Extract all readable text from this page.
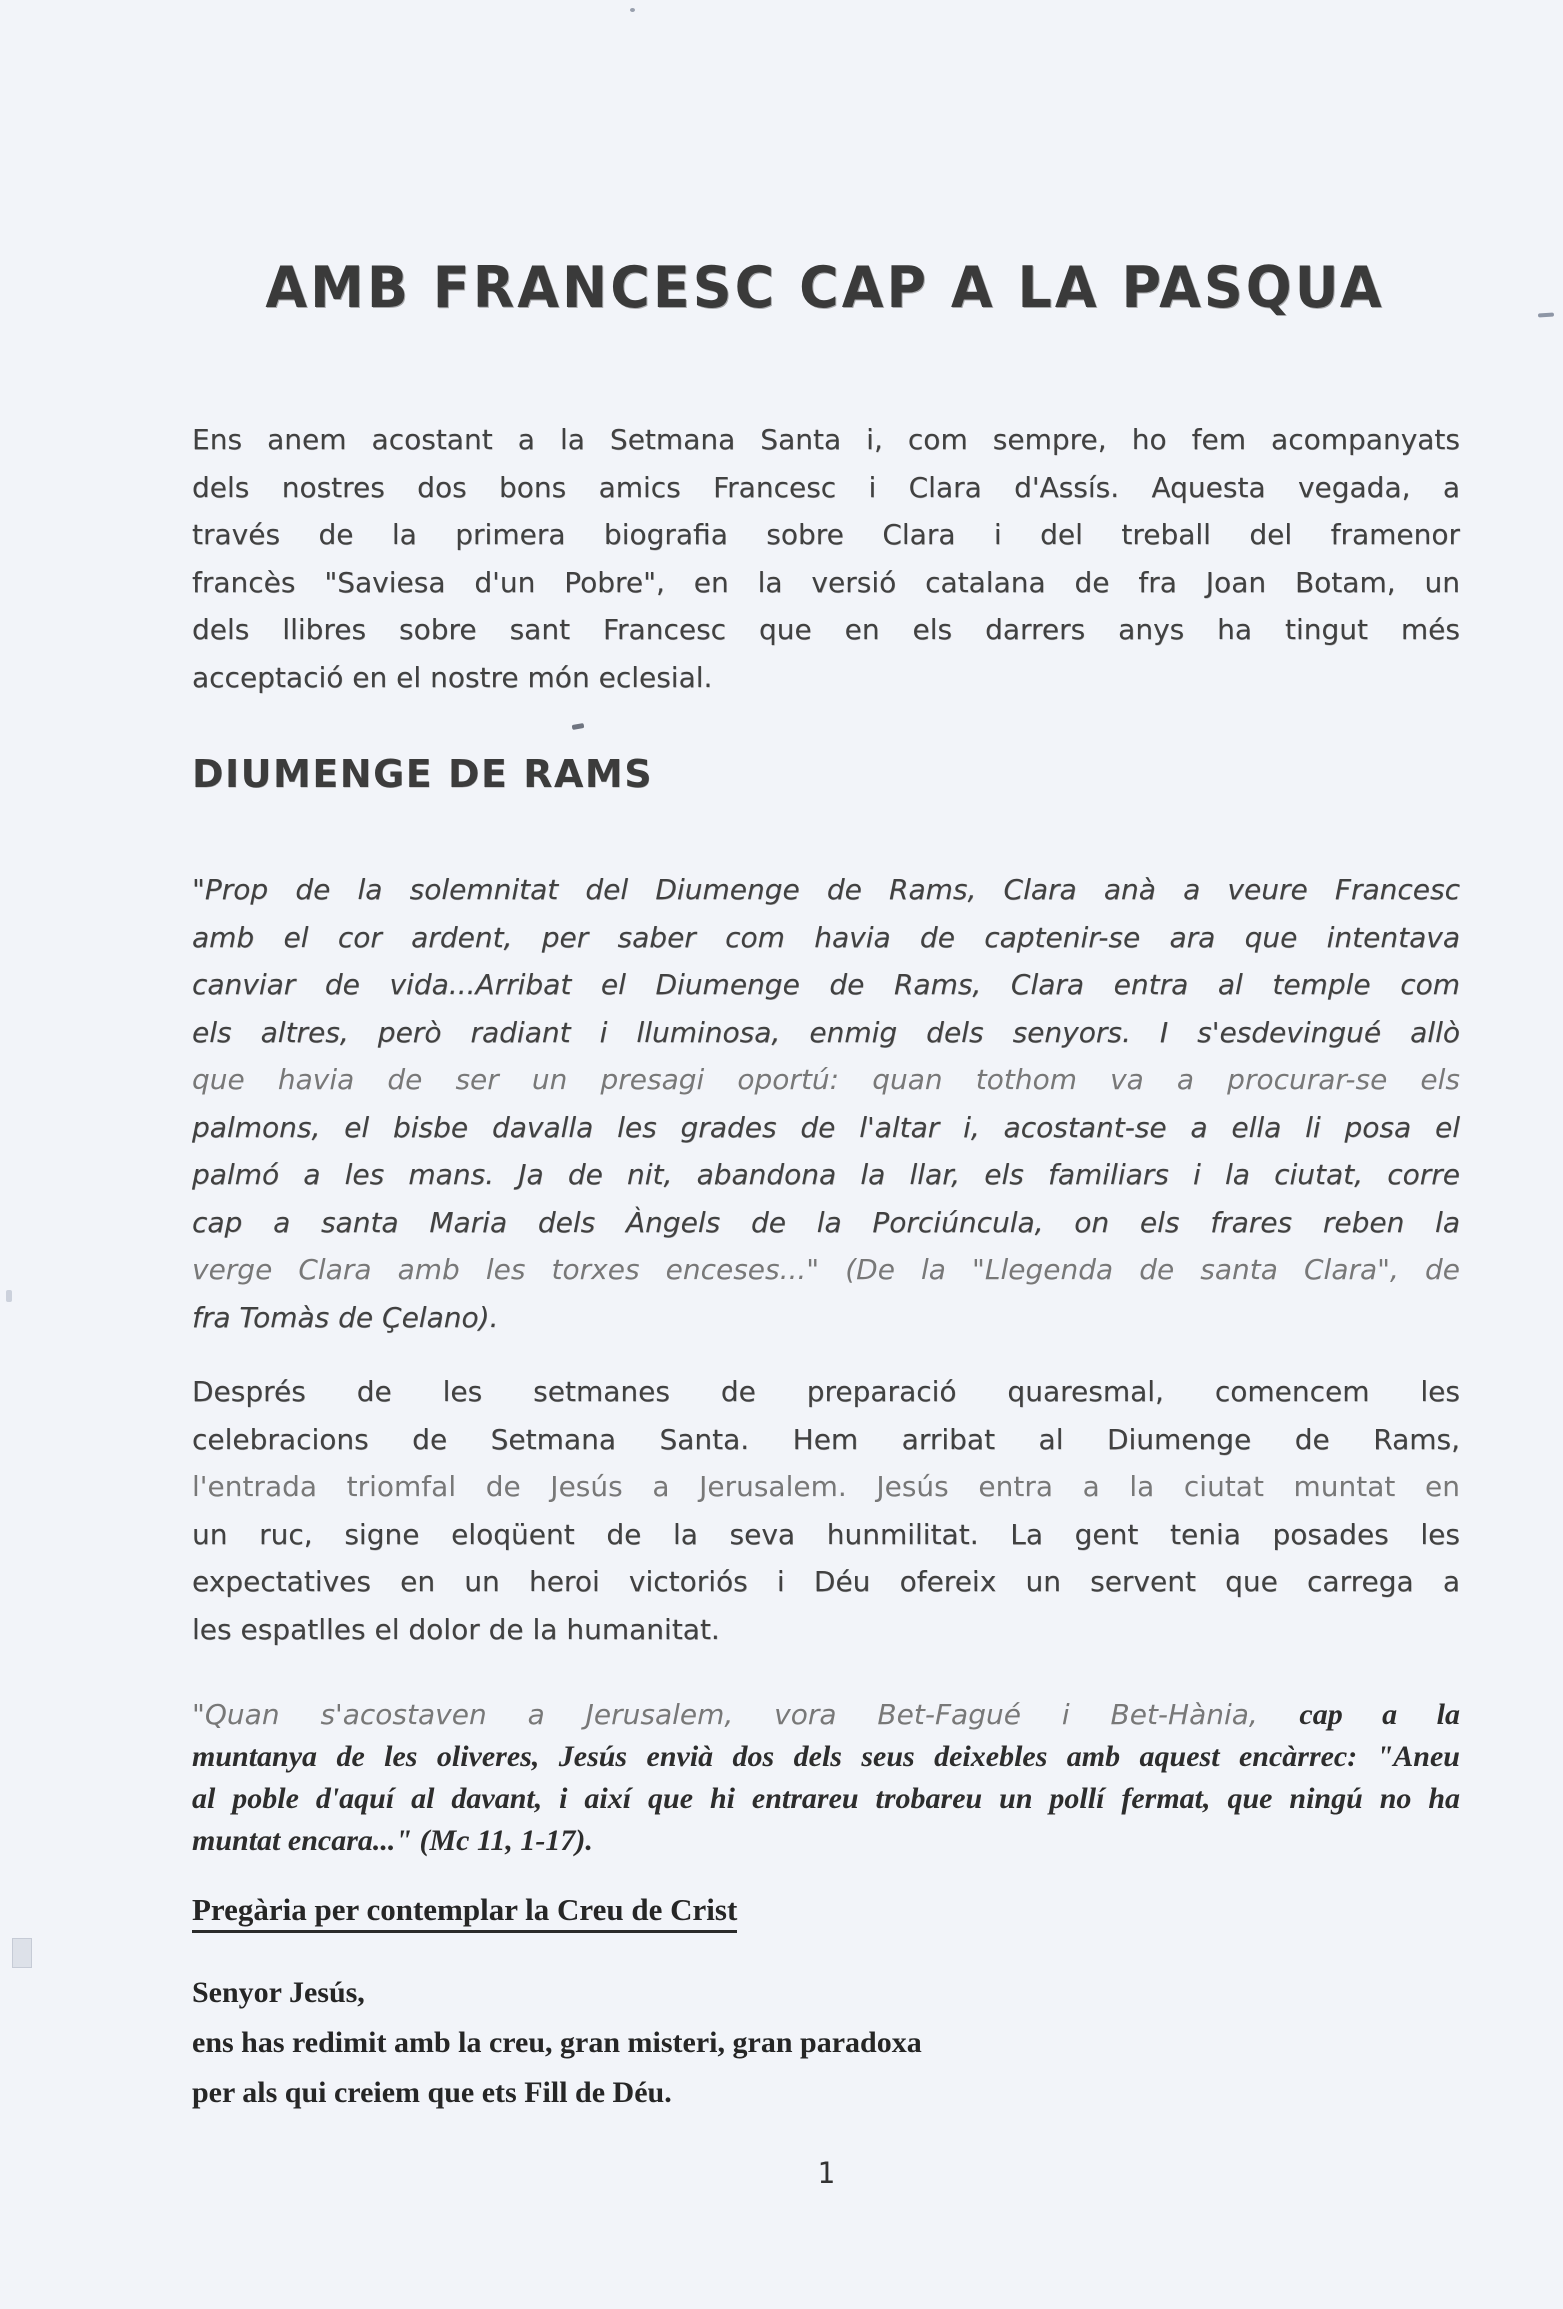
AMB FRANCESC CAP A LA PASQUA
Ens anem acostant a la Setmana Santa i, com sempre, ho fem acompanyats
dels nostres dos bons amics Francesc i Clara d'Assís. Aquesta vegada, a
través de la primera biografia sobre Clara i del treball del framenor
francès "Saviesa d'un Pobre", en la versió catalana de fra Joan Botam, un
dels llibres sobre sant Francesc que en els darrers anys ha tingut més
acceptació en el nostre món eclesial.
DIUMENGE DE RAMS
"Prop de la solemnitat del Diumenge de Rams, Clara anà a veure Francesc
amb el cor ardent, per saber com havia de captenir-se ara que intentava
canviar de vida...Arribat el Diumenge de Rams, Clara entra al temple com
els altres, però radiant i lluminosa, enmig dels senyors. I s'esdevingué allò
que havia de ser un presagi oportú: quan tothom va a procurar-se els
palmons, el bisbe davalla les grades de l'altar i, acostant-se a ella li posa el
palmó a les mans. Ja de nit, abandona la llar, els familiars i la ciutat, corre
cap a santa Maria dels Àngels de la Porciúncula, on els frares reben la
verge Clara amb les torxes enceses..." (De la "Llegenda de santa Clara", de
fra Tomàs de Çelano).
Després de les setmanes de preparació quaresmal, comencem les
celebracions de Setmana Santa. Hem arribat al Diumenge de Rams,
l'entrada triomfal de Jesús a Jerusalem. Jesús entra a la ciutat muntat en
un ruc, signe eloqüent de la seva hunmilitat. La gent tenia posades les
expectatives en un heroi victoriós i Déu ofereix un servent que carrega a
les espatlles el dolor de la humanitat.
"Quan s'acostaven a Jerusalem, vora Bet-Fagué i Bet-Hània, cap a la
muntanya de les oliveres, Jesús envià dos dels seus deixebles amb aquest encàrrec: "Aneu
al poble d'aquí al davant, i així que hi entrareu trobareu un pollí fermat, que ningú no ha
muntat encara..." (Mc 11, 1-17).
Pregària per contemplar la Creu de Crist
Senyor Jesús,
ens has redimit amb la creu, gran misteri, gran paradoxa
per als qui creiem que ets Fill de Déu.
1
